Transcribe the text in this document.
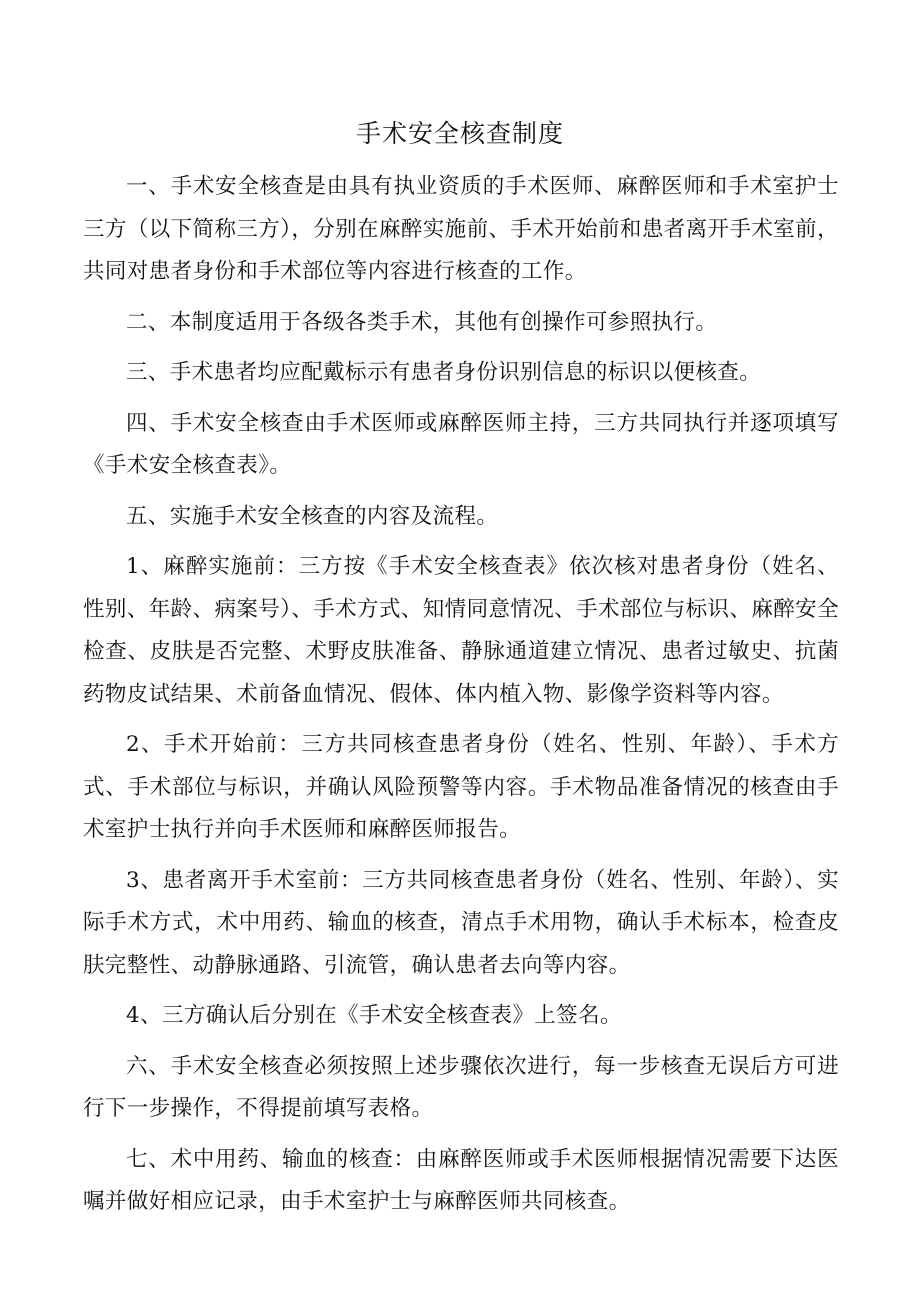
手术安全核查制度

一、手术安全核查是由具有执业资质的手术医师、麻醉医师和手术室护士三方（以下简称三方），分别在麻醉实施前、手术开始前和患者离开手术室前，共同对患者身份和手术部位等内容进行核查的工作。

二、本制度适用于各级各类手术，其他有创操作可参照执行。

三、手术患者均应配戴标示有患者身份识别信息的标识以便核查。

四、手术安全核查由手术医师或麻醉医师主持，三方共同执行并逐项填写《手术安全核查表》。

五、实施手术安全核查的内容及流程。

1、麻醉实施前：三方按《手术安全核查表》依次核对患者身份（姓名、性别、年龄、病案号）、手术方式、知情同意情况、手术部位与标识、麻醉安全检查、皮肤是否完整、术野皮肤准备、静脉通道建立情况、患者过敏史、抗菌药物皮试结果、术前备血情况、假体、体内植入物、影像学资料等内容。

2、手术开始前：三方共同核查患者身份（姓名、性别、年龄）、手术方式、手术部位与标识，并确认风险预警等内容。手术物品准备情况的核查由手术室护士执行并向手术医师和麻醉医师报告。

3、患者离开手术室前：三方共同核查患者身份（姓名、性别、年龄）、实际手术方式，术中用药、输血的核查，清点手术用物，确认手术标本，检查皮肤完整性、动静脉通路、引流管，确认患者去向等内容。

4、三方确认后分别在《手术安全核查表》上签名。

六、手术安全核查必须按照上述步骤依次进行，每一步核查无误后方可进行下一步操作，不得提前填写表格。

七、术中用药、输血的核查：由麻醉医师或手术医师根据情况需要下达医嘱并做好相应记录，由手术室护士与麻醉医师共同核查。
